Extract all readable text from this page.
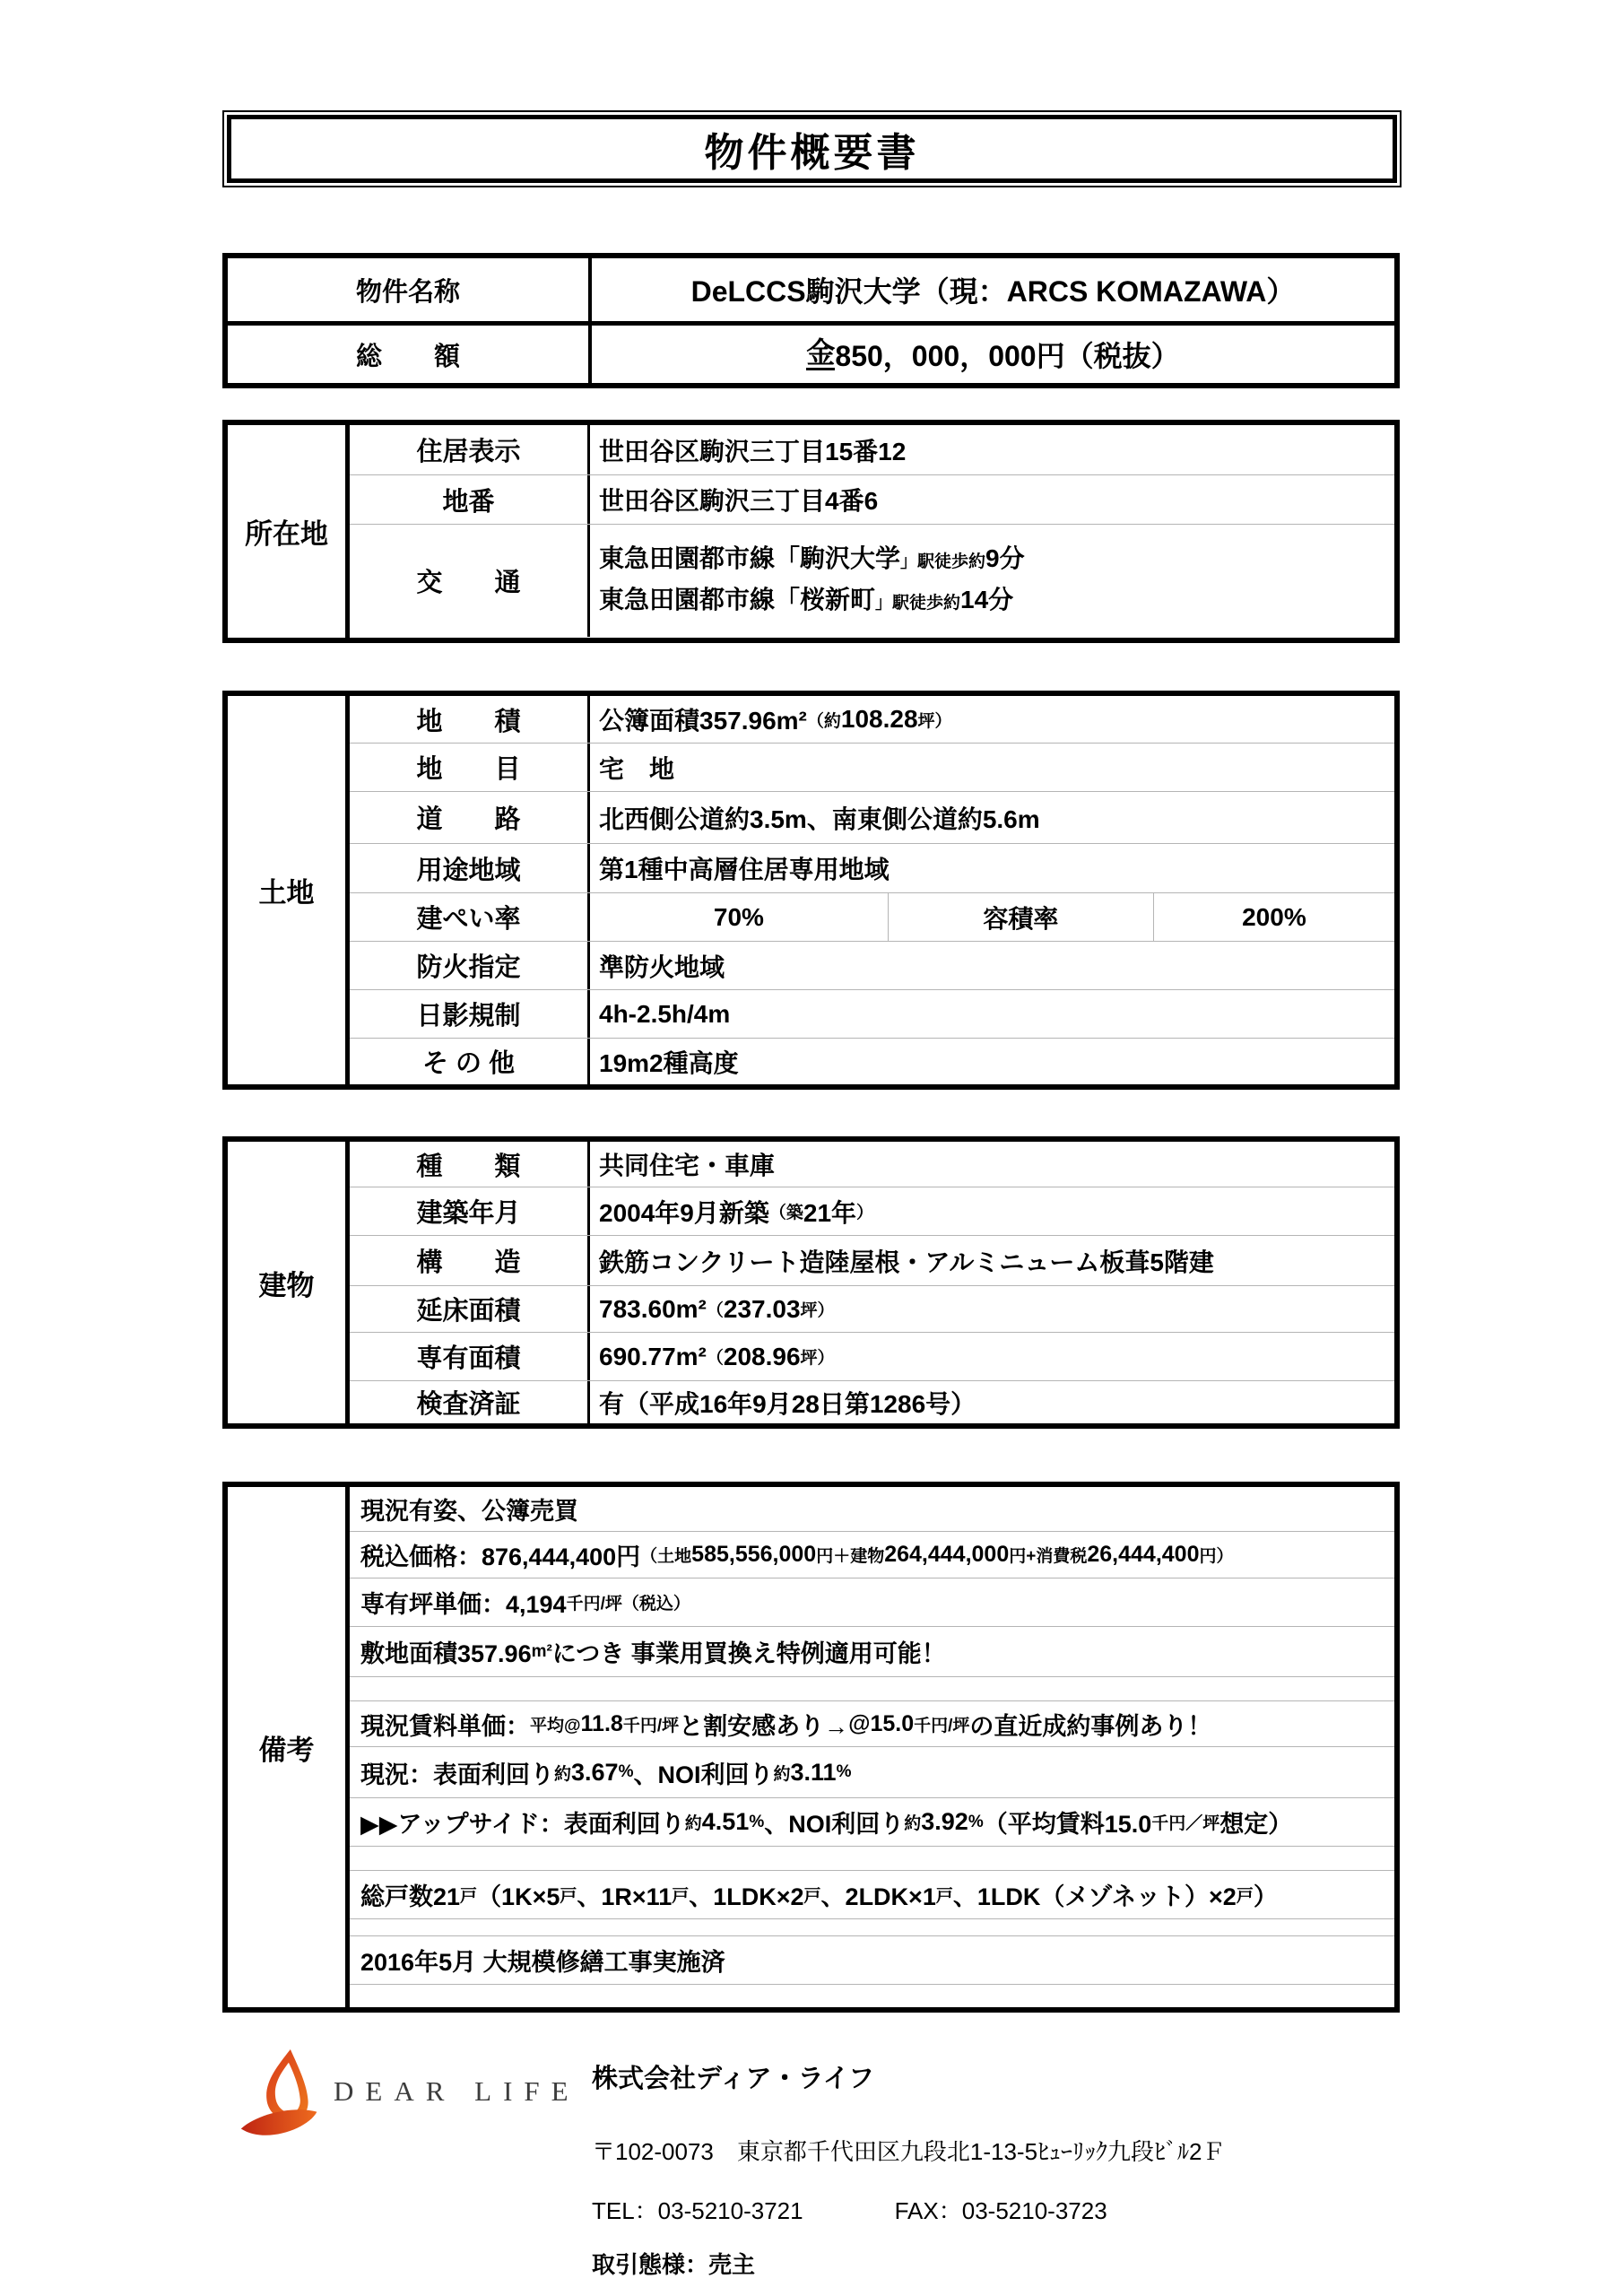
物件概要書
物件名称	DeLCCS駒沢大学（現：ARCS KOMAZAWA）
総　　額	金 850，000，000円（税抜）
所在地
住居表示	世田谷区駒沢三丁目15番12
地番	世田谷区駒沢三丁目4番6
交　　通
東急田園都市線「駒沢大学」駅徒歩約9分
東急田園都市線「桜新町」駅徒歩約14分
土地
地　　積	公簿面積357.96m² （約 108.28 坪）
地　　目	宅　地
道　　路	北西側公道約3.5m、南東側公道約5.6m
用途地域	第1種中高層住居専用地域
建ぺい率	70%	容積率	200%
防火指定	準防火地域
日影規制	4h-2.5h/4m
そ の 他	19m2種高度
建物
種　　類	共同住宅・車庫
建築年月	2004年9月新築 （築 21年 ）
構　　造	鉄筋コンクリート造陸屋根・アルミニューム板葺5階建
延床面積	783.60m² （ 237.03 坪）
専有面積	690.77m² （ 208.96 坪）
検査済証	有（平成16年9月28日第1286号）
備考
現況有姿、公簿売買
税込価格：876,444,400円 （土地 585,556,000 円＋建物 264,444,000 円+消費税 26,444,400 円）
専有坪単価：4,194 千円/坪（税込）
敷地面積357.96 m² につき 事業用買換え特例適用可能！
現況賃料単価： 平均@ 11.8 千円/坪 と割安感あり→ @15.0 千円/坪 の直近成約事例あり！
現況：表面利回り 約 3.67 % 、NOI利回り 約 3.11 %
▶▶アップサイド：表面利回り 約 4.51 % 、NOI利回り 約 3.92 % （平均賃料15.0 千円／坪 想定）
総戸数21 戸 （1K×5 戸 、1R×11 戸 、1LDK×2 戸 、2LDK×1 戸 、1LDK（メゾネット）×2 戸 ）
2016年5月 大規模修繕工事実施済
DEAR LIFE 株式会社ディア・ライフ
〒102-0073　東京都千代田区九段北1-13-5ﾋｭｰﾘｯｸ九段ﾋﾞﾙ2Ｆ
TEL：03-5210-3721	FAX：03-5210-3723
取引態様：売主
